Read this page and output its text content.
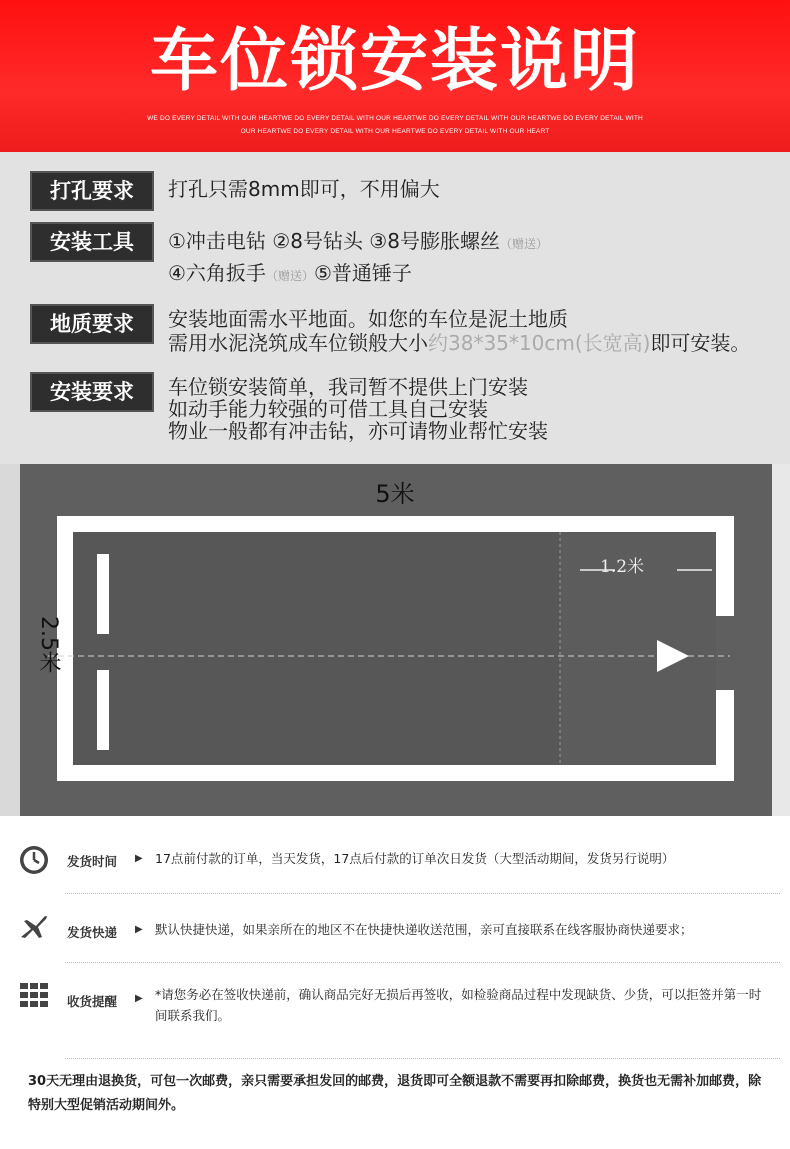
车位锁安装说明
WE DO EVERY DETAIL WITH OUR HEARTWE DO EVERY DETAIL WITH OUR HEARTWE DO EVERY DETAIL WITH OUR HEARTWE DO EVERY DETAIL WITH OUR HEARTWE DO EVERY DETAIL WITH OUR HEARTWE DO EVERY DETAIL WITH OUR HEART
打孔要求	打孔只需8mm即可，不用偏大
安装工具	①冲击电钻 ②8号钻头 ③8号膨胀螺丝（赠送）
④六角扳手（赠送）⑤普通锤子
地质要求	安装地面需水平地面。如您的车位是泥土地质
需用水泥浇筑成车位锁般大小约38*35*10cm(长宽高)即可安装。
安装要求	车位锁安装简单，我司暂不提供上门安装
如动手能力较强的可借工具自己安装
物业一般都有冲击钻，亦可请物业帮忙安装
5米
2.5米
1.2米
发货时间 ▶ 17点前付款的订单，当天发货，17点后付款的订单次日发货（大型活动期间，发货另行说明）
发货快递 ▶ 默认快捷快递，如果亲所在的地区不在快捷快递收送范围，亲可直接联系在线客服协商快递要求；
收货提醒 ▶ *请您务必在签收快递前，确认商品完好无损后再签收，如检验商品过程中发现缺货、少货，可以拒签并第一时间联系我们。
30天无理由退换货，可包一次邮费，亲只需要承担发回的邮费，退货即可全额退款不需要再扣除邮费，换货也无需补加邮费，除特别大型促销活动期间外。
